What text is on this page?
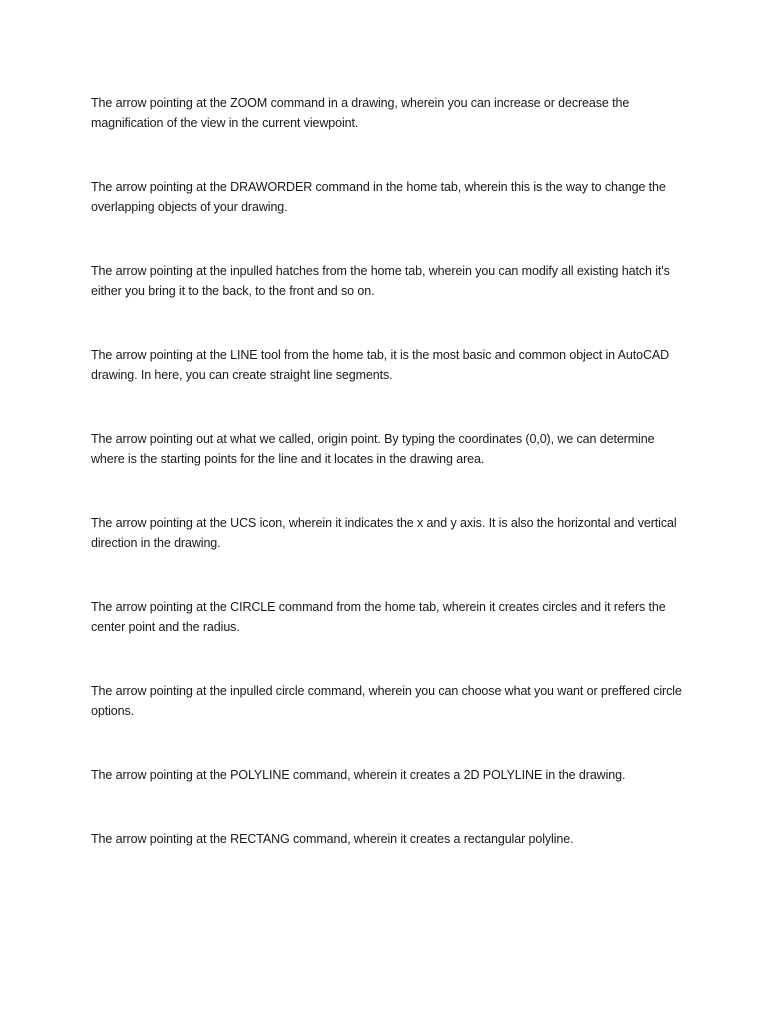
The arrow pointing at the ZOOM command in a drawing, wherein you can increase or decrease the magnification of the view in the current viewpoint.

The arrow pointing at the DRAWORDER command in the home tab, wherein this is the way to change the overlapping objects of your drawing.

The arrow pointing at the inpulled hatches from the home tab, wherein you can modify all existing hatch it's either you bring it to the back, to the front and so on.

The arrow pointing at the LINE tool from the home tab, it is the most basic and common object in AutoCAD drawing. In here, you can create straight line segments.

The arrow pointing out at what we called, origin point. By typing the coordinates (0,0), we can determine where is the starting points for the line and it locates in the drawing area.

The arrow pointing at the UCS icon, wherein it indicates the x and y axis. It is also the horizontal and vertical direction in the drawing.

The arrow pointing at the CIRCLE command from the home tab, wherein it creates circles and it refers the center point and the radius.

The arrow pointing at the inpulled circle command, wherein you can choose what you want or preffered circle options.

The arrow pointing at the POLYLINE command, wherein it creates a 2D POLYLINE in the drawing.

The arrow pointing at the RECTANG command, wherein it creates a rectangular polyline.
